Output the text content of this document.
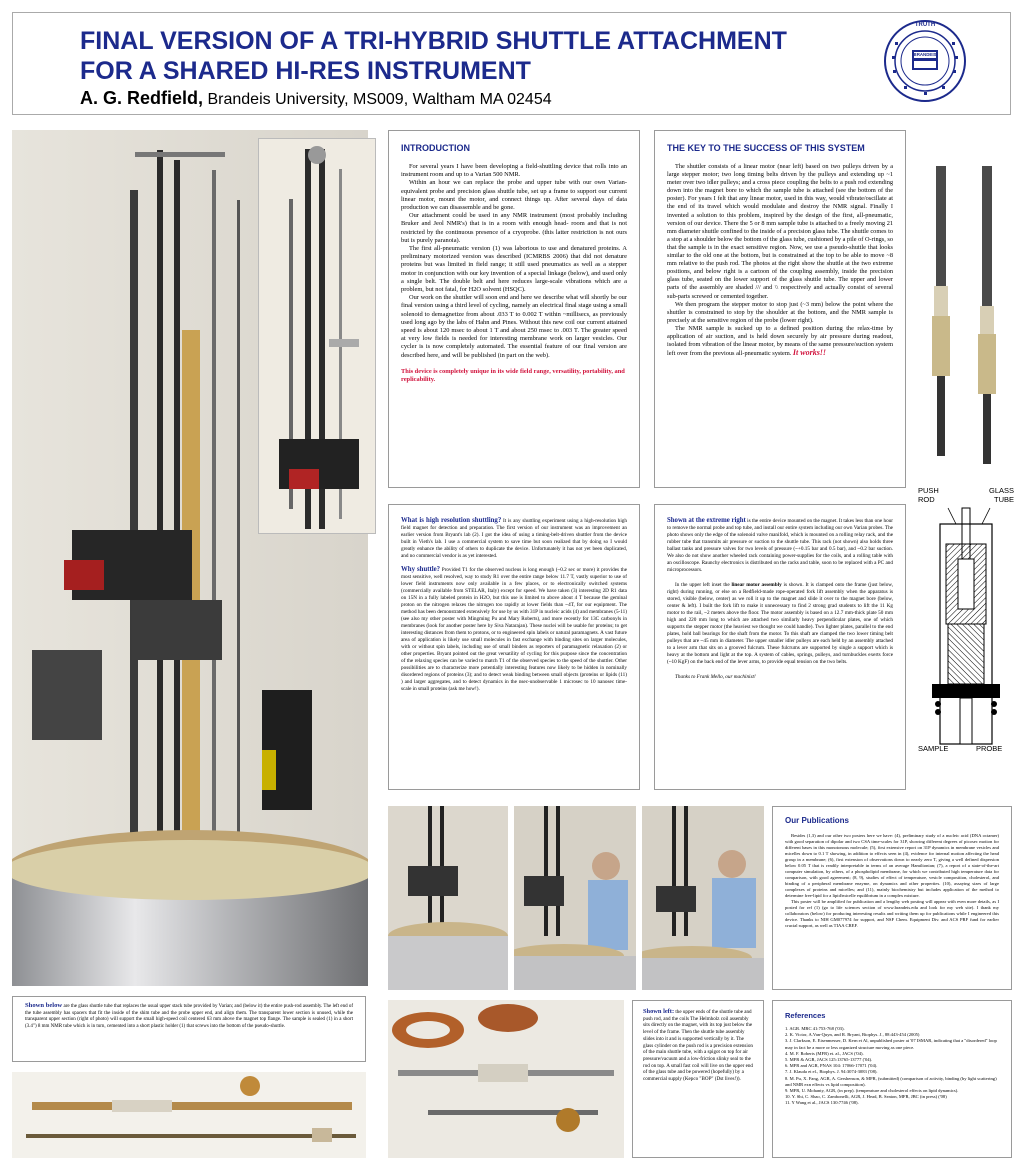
FINAL VERSION OF A TRI-HYBRID SHUTTLE ATTACHMENT
FOR A SHARED HI-RES INSTRUMENT
A. G. Redfield, Brandeis University, MS009, Waltham MA 02454
TRUTH
BRANDEIS
INTRODUCTION

For several years I have been developing a field-shuttling device that rolls into an instrument room and up to a Varian 500 NMR.

Within an hour we can replace the probe and upper tube with our own Varian-equivalent probe and precision glass shuttle tube, set up a frame to support our current linear motor, mount the motor, and connect things up. After several days of data production we can disassemble and be gone.

Our attachment could be used in any NMR instrument (most probably including Bruker and Jeol NMR's) that is in a room with enough head- room and that is not restricted by the continuous presence of a cryoprobe. (this latter restriction is not ours but is purely paranoia).

The first all-pneumatic version (1) was laborious to use and denatured proteins. A preliminary motorized version was described (ICMRBS 2006) that did not denature proteins but was limited in field range; it still used pneumatics as well as a stepper motor in conjunction with our key invention of a special linkage (below), and used only a single belt. The double belt and here reduces large-scale vibrations which are a problem, but not fatal, for H2O solvent (HSQC).

Our work on the shuttler will soon end and here we describe what will shortly be our final version using a third level of cycling, namely an electrical final stage using a small solenoid to demagnetize from about .033 T to 0.002 T within ~millisecs, as previously used long ago by the labs of Hahn and Pines. Without this new coil our current attained speed is about 120 msec to about 1 T and about 250 msec to .003 T. The greater speed at very low fields is needed for interesting membrane work on larger vesicles. Our cycler is is now completely automated. The essential feature of our final version are described here, and will be published (in part on the web).

This device is completely unique in its wide field range, versatility, portability, and replicability.
THE KEY TO THE SUCCESS OF THIS SYSTEM

The shuttler consists of a linear motor (near left) based on two pulleys driven by a large stepper motor; two long timing belts driven by the pulleys and extending up ~1 meter over two idler pulleys; and a cross piece coupling the belts to a push rod extending down into the magnet bore to which the sample tube is attached (see the bottom of the poster). For years I felt that any linear motor, used in this way, would vibrate/oscillate at the end of its travel which would modulate and destroy the NMR signal. Finally I invented a solution to this problem, inspired by the design of the first, all-pneumatic, version of our device. There the 5 or 8 mm sample tube is attached to a freely moving 21 mm diameter shuttle confined to the inside of a precision glass tube. The shuttle comes to a stop at a shoulder below the bottom of the glass tube, cushioned by a pile of O-rings, so that the sample is in the exact sensitive region. Now, we use a pseudo-shuttle that looks similar to the old one at the bottom, but is constrained at the top to be able to move ~8 mm relative to the push rod. The photos at the right show the shuttle at the two extreme positions, and below right is a cartoon of the coupling assembly, inside the precision glass tube, seated on the lower support of the glass shuttle tube. The upper and lower parts of the assembly are shaded /// and \\ respectively and actually consist of several sub-parts screwed or cemented together.

We then program the stepper motor to stop just (~3 mm) below the point where the shuttler is constrained to stop by the shoulder at the bottom, and the NMR sample is precisely at the sensitive region of the probe (lower right).

The NMR sample is sucked up to a defined position during the relax-time by application of air suction, and is held down securely by air pressure during readout, isolated from vibration of the linear motor, by means of the same pressure/suction system left over from the previous all-pneumatic system. It works!!

PUSH ROD
GLASS TUBE
SAMPLE	PROBE
What is high resolution shuttling? It is any shuttling experiment using a high-resolution high field magnet for detection and preparation. The first version of our instrument was an improvement an earlier version from Bryant's lab (2). I got the idea of using a timing-belt-driven shuttler from the device built in Vieth's lab. I use a commercial system to save time but soon realized that by doing so I would greatly enhance the ability of others to duplicate the device. Unfortunately it has not yet been duplicated, and no commercial vendor is as yet interested.
Why shuttle? Provided T1 for the observed nucleus is long enough (~0.2 sec or more) it provides the most sensitive, well resolved, way to study R1 over the entire range below 11.7 T, vastly superior to use of lower field instruments now only available in a few places, or to electronically switched systems (commercially available from STELAR, Italy) except for speed. We have taken (3) interesting 2D R1 data on 15N in a fully labeled protein in H2O, but this use is limited to above about 4 T because the geminal proton on the nitrogen relaxes the nitrogen too rapidly at lower fields than ~4T, for our equipment. The method has been demonstrated extensively for use by us with 31P in nucleic acids (4) and membranes (5-11) (see also my other poster with Mingming Pu and Mary Roberts), and more recently for 13C carbonyls in membranes (look for another poster here by Siva Natarajan). These nuclei will be usable for proteins; to get interesting distances from them to protons, or to engineered spin labels or natural paramagnets. A vast future area of application is likely use small molecules in fast exchange with binding sites on larger molecules, with or without spin labels, including use of small binders as reporters of paramagnetic relaxation (2) or other properties. Bryant pointed out the great versatility of cycling for this purpose since the concentration of the relaxing species can be varied to match T1 of the observed species to the speed of the shuttler. Other possibilities are to characterize more potentially interesting features now likely to be hidden in nominally disordered regions of proteins (3); and to detect weak binding between small objects (proteins or lipids (11) ) and larger aggregates, and to detect dynamics in the nsec-unobservable 1 microsec to 10 nanosec time-scale in small proteins (ask me how!).
Shown at the extreme right is the entire device mounted on the magnet. It takes less than one hour to remove the normal probe and top tube, and install our entire system including our own Varian probes. The photo shows only the edge of the solenoid valve manifold, which is mounted on a rolling relay rack, and the rubber tube that transmits air pressure or suction to the shuttle tube. This rack (not shown) also holds three ballast tanks and pressure valves for two levels of pressure (~+0.15 bar and 0.5 bar), and ~0.2 bar suction. We also do not show another wheeled rack containing power-supplies for the coils, and a rolling table with an oscilloscope. Raunchy electronics is distributed on the racks and table, soon to be replaced with a PC and microprocessors.
In the upper left inset the linear motor assembly is shown. It is clamped onto the frame (just below, right) during running, or else on a Redfield-made rope-operated fork lift assembly when the apparatus is stored, visible (below, center) as we roll it up to the magnet and slide it over to the magnet bore (below, center & left). I built the fork lift to make it unnecessary to find 2 strong grad students to lift the 11 Kg motor to the rail, ~2 meters above the floor. The motor assembly is based on a 12.7 mm-thick plate 50 mm high and 220 mm long to which are attached two similarly heavy perpendicular plates, one of which supports the stepper motor (the heaviest we thought we could handle). Two lighter plates, parallel to the end plates, hold ball bearings for the shaft from the motor. To this shaft are clamped the two lower timing belt pulleys that are ~45 mm in diameter. The upper smaller idler pulleys are each held by an assembly attached to a lever arm that sits on a grooved fulcrum. These fulcrums are supported by single a support which is heavy at the bottom and light at the top. A system of cables, springs, pulleys, and turnbuckles exerts force (~10 KgF) on the back end of the lever arms, to provide equal tension on the two belts.
Thanks to Frank Mello, our machinist!
Our Publications

Besides (1,3) and our other two posters here we have: (4), preliminary study of a nucleic acid (DNA octamer) with good separation of dipolar and two CSA time-scales for 31P, showing different degrees of picosec motion for different bases in this monotonous molecule; (5), first extensive report on 31P dynamics in membrane vesicles and micelles down to 0.1 T showing, in addition to effects seen in (4), evidence for internal motion affecting the head group in a membrane; (6), first extension of observations down to nearly zero T, giving a well defined dispersion below 0.05 T that is readily interpretable in terms of an average Hamiltonian; (7), a report of a state-of-the-art computer simulation, by others, of a phospholipid membrane, for which we contributed high temperature data for comparison, with good agreement; (8, 9), studies of effect of temperature, vesicle composition, cholesterol, and binding of a peripheral membrane enzyme, on dynamics and other properties. (10), assaying sizes of large complexes of proteins and micelles; and (11), mainly biochemistry but includes application of the method to determine free-lipid for a lipid/micelle equilibrium in a complex mixture.

This poster will be amplified for publication and a lengthy web posting will appear with even more details, as I posted for ref (1) (go to life sciences section of www.brandeis.edu and look for my web site). I thank my collaborators (below) for producing interesting results and writing them up for publications while I engineered this device. Thanks to NIH GM077974 for support, and NSF Chem. Equipment Div. and ACS PRF fund for earlier crucial support, as well as TIAA CREF.

Shown below are the glass shuttle tube that replaces the usual upper stack tube provided by Varian; and (below it) the entire push-rod assembly. The left end of the tube assembly has spacers that fit the inside of the shim tube and the probe upper end, and align them. The transparent lower section is unused, while the transparent upper section (right of photo) will support the small high-speed coil centered 63 mm above the magnet top flange. The sample is sealed (1) in a short (3.4") 8 mm NMR tube which is in turn, cemented into a short plastic holder (1) that screws into the bottom of the pseudo-shuttle.
Shown left: the upper ends of the shuttle tube and push rod, and the coils The Helmholz coil assembly sits directly on the magnet, with its top just below the level of the frame. Then the shuttle tube assembly slides into it and is supported vertically by it. The glass cylinder on the push rod is a precision extension of the main shuttle tube, with a spigot on top for air pressure/vacuum and a low-friction slinky seal to the rod on top. A small fast coil will live on the upper end of the glass tube and be powered (hopefully) by a commercial supply (Kepco "BOP" (Dst lives!)).
References
1. AGR. MRC 41:753-768 ('03).
2. K. Victor, A.Van-Quyn, and R. Bryant, Biophys. J., 88:443-454 (2005)
3. J. Clarkson, E. Eisenmesser, D. Kern et Al, unpublished poster at '07 ISMAR, indicating that a "disordered" loop may in fact be a more or less organized structure moving as one piece.
4. M. F. Roberts (MFR) et. al., JACS ('04).
5. MFR & AGR, JACS 125:13765-13777 ('04).
6. MFR and AGR, PNAS 104: 17066-17071 ('04).
7. J. Klauda et el., Biophys. J. 94:3074-3083 ('08).
8. M. Pu, X. Fang, AGR, A. Gershenson, & MFR, (submitted) (comparison of activity, binding (by light scattering) and NMR exn effects vs lipid composition).
9. MFR, U. Mohanty, AGR, (in prep). (temperature and cholesterol effects on lipid dynamics).
10. Y. Shi, C. Shao, C. Zambonelli, AGR, J. Head, B. Seaton, MFR, JBC (in press) ('08)
11. Y Wang et al., JACS 130:7746 ('08).
